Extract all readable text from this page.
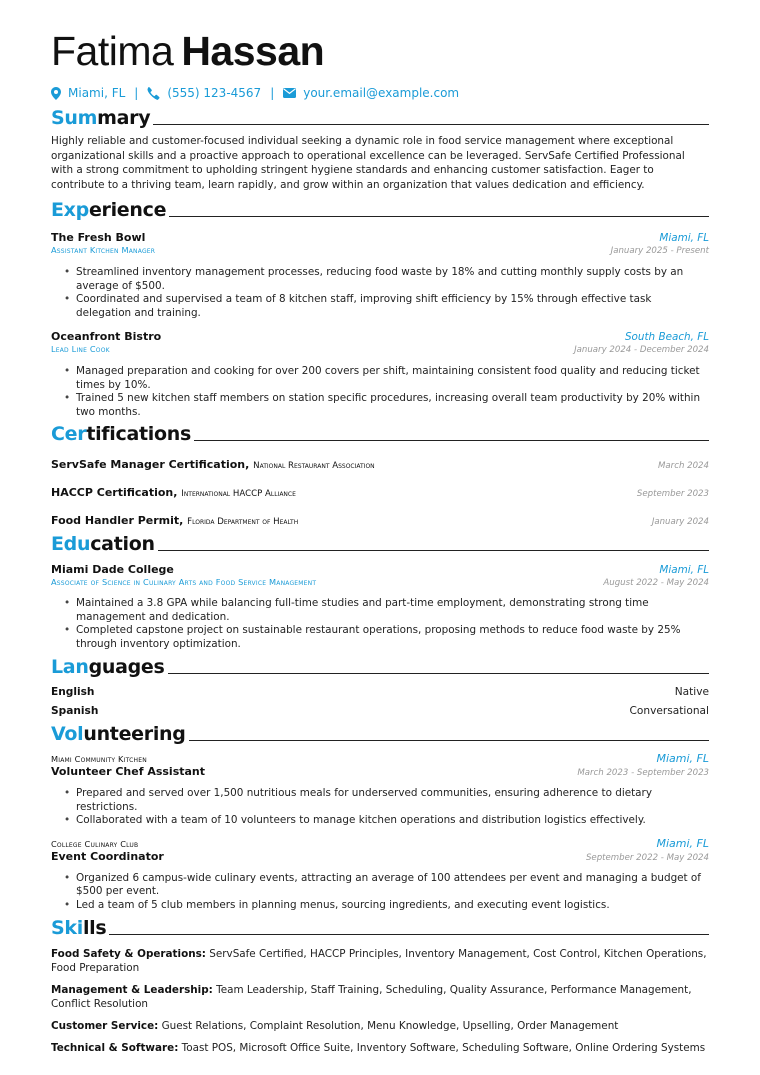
Fatima Hassan
Miami, FL | (555) 123-4567 | your.email@example.com
Summary

Highly reliable and customer-focused individual seeking a dynamic role in food service management where exceptional organizational skills and a proactive approach to operational excellence can be leveraged. ServSafe Certified Professional with a strong commitment to upholding stringent hygiene standards and enhancing customer satisfaction. Eager to contribute to a thriving team, learn rapidly, and grow within an organization that values dedication and efficiency.

Experience
The Fresh Bowl	Miami, FL
Assistant Kitchen Manager	January 2025 - Present
• Streamlined inventory management processes, reducing food waste by 18% and cutting monthly supply costs by an average of $500.
• Coordinated and supervised a team of 8 kitchen staff, improving shift efficiency by 15% through effective task delegation and training.
Oceanfront Bistro	South Beach, FL
Lead Line Cook	January 2024 - December 2024
• Managed preparation and cooking for over 200 covers per shift, maintaining consistent food quality and reducing ticket times by 10%.
• Trained 5 new kitchen staff members on station specific procedures, increasing overall team productivity by 20% within two months.
Certifications
ServSafe Manager Certification, National Restaurant Association	March 2024
HACCP Certification, International HACCP Alliance	September 2023
Food Handler Permit, Florida Department of Health	January 2024
Education
Miami Dade College	Miami, FL
Associate of Science in Culinary Arts and Food Service Management	August 2022 - May 2024
• Maintained a 3.8 GPA while balancing full-time studies and part-time employment, demonstrating strong time management and dedication.
• Completed capstone project on sustainable restaurant operations, proposing methods to reduce food waste by 25% through inventory optimization.
Languages
English	Native
Spanish	Conversational
Volunteering
Miami Community Kitchen	Miami, FL
Volunteer Chef Assistant	March 2023 - September 2023
• Prepared and served over 1,500 nutritious meals for underserved communities, ensuring adherence to dietary restrictions.
• Collaborated with a team of 10 volunteers to manage kitchen operations and distribution logistics effectively.
College Culinary Club	Miami, FL
Event Coordinator	September 2022 - May 2024
• Organized 6 campus-wide culinary events, attracting an average of 100 attendees per event and managing a budget of $500 per event.
• Led a team of 5 club members in planning menus, sourcing ingredients, and executing event logistics.
Skills

Food Safety & Operations: ServSafe Certified, HACCP Principles, Inventory Management, Cost Control, Kitchen Operations, Food Preparation

Management & Leadership: Team Leadership, Staff Training, Scheduling, Quality Assurance, Performance Management, Conflict Resolution

Customer Service: Guest Relations, Complaint Resolution, Menu Knowledge, Upselling, Order Management

Technical & Software: Toast POS, Microsoft Office Suite, Inventory Software, Scheduling Software, Online Ordering Systems
